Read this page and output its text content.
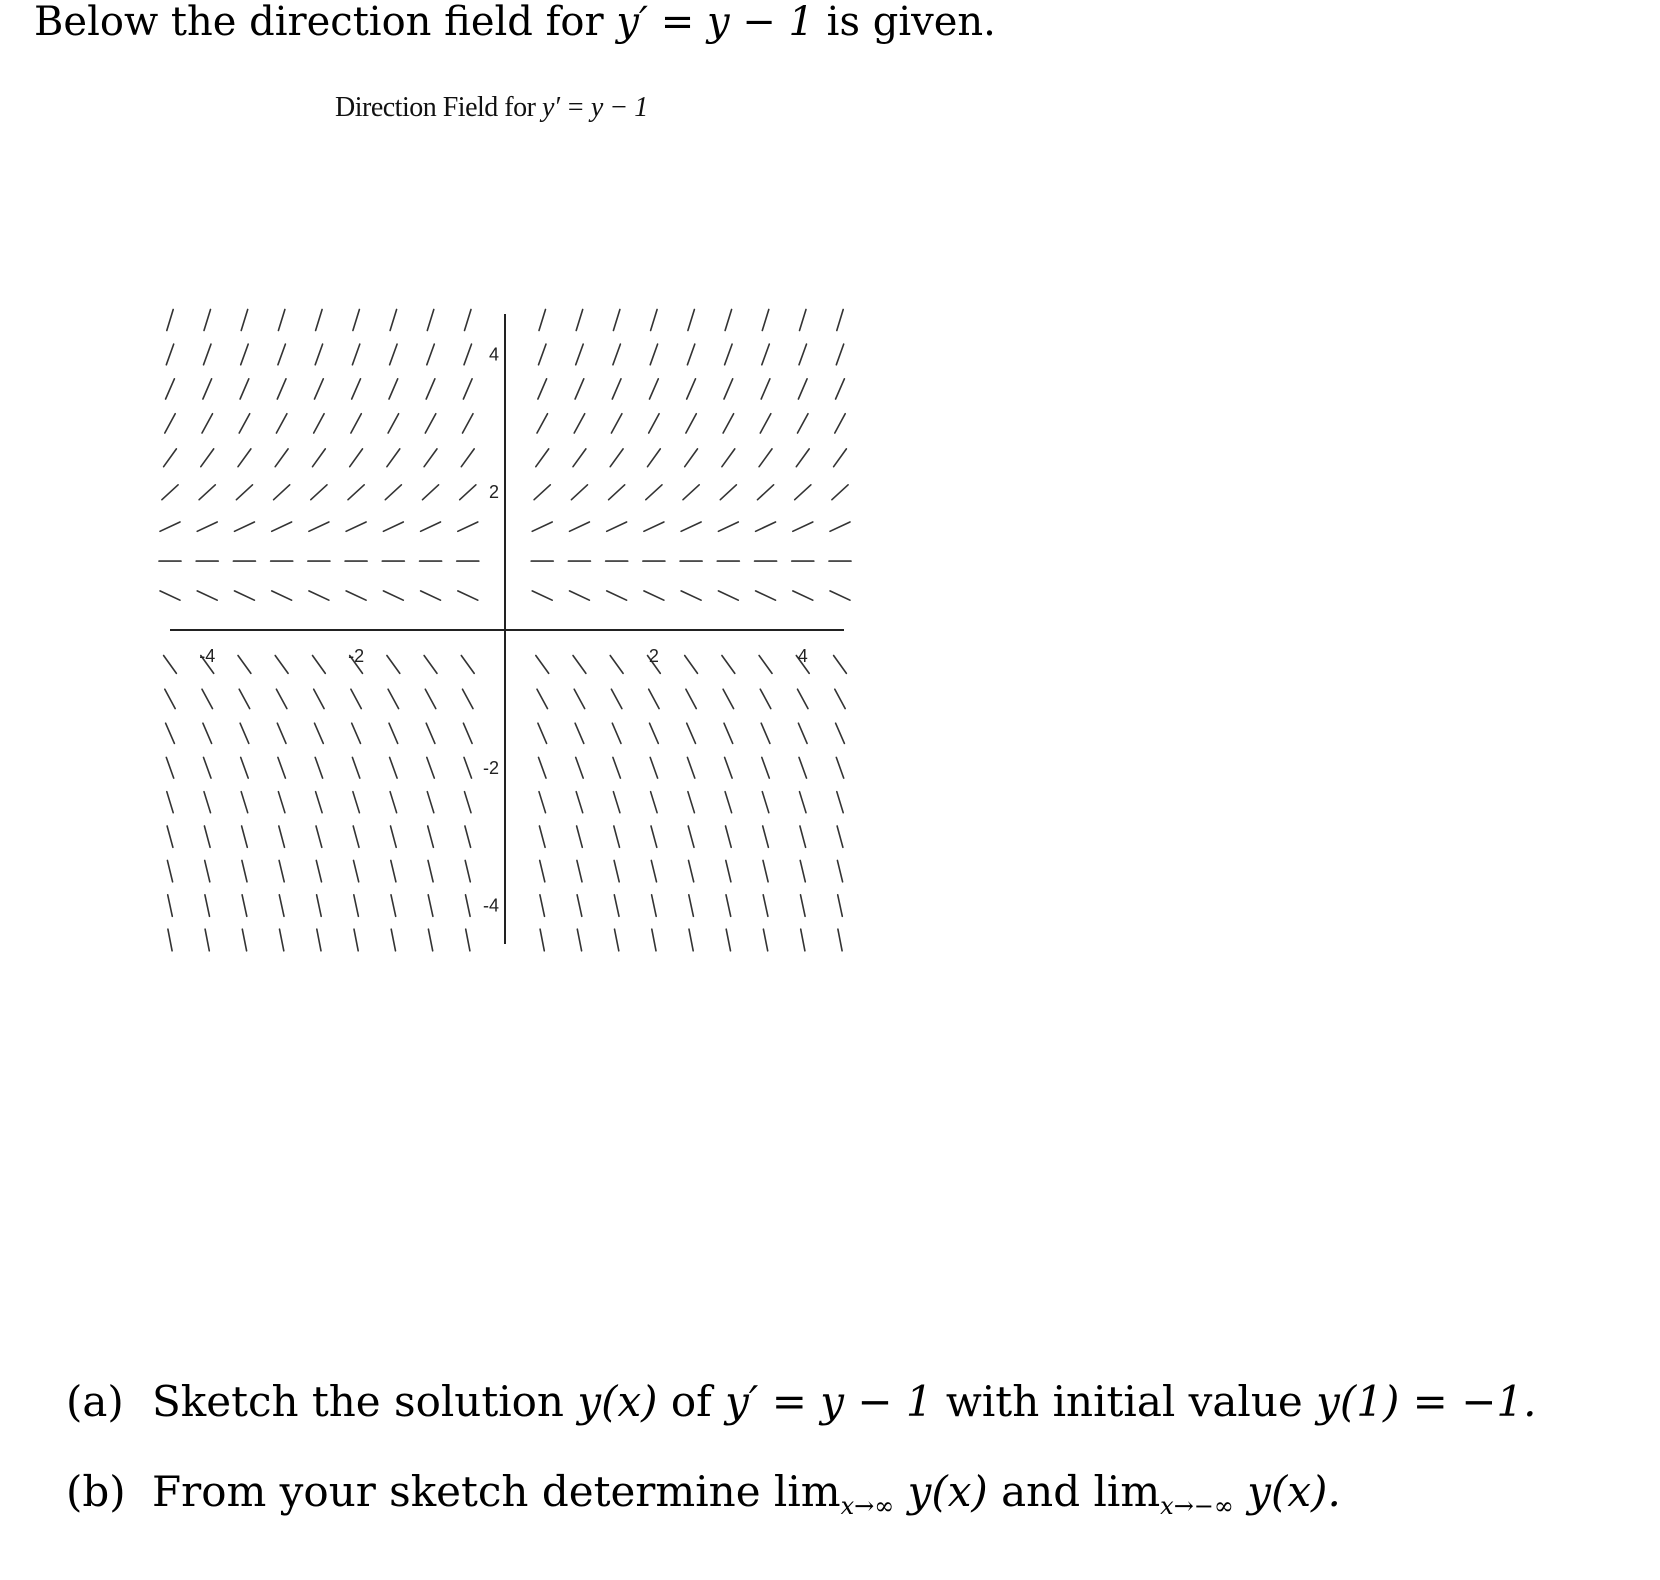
Below the direction field for y′ = y − 1 is given.
Direction Field for y′ = y − 1
-4	-2	2	4
4
2
-2
-4
(a) Sketch the solution y(x) of y′ = y − 1 with initial value y(1) = −1.
(b) From your sketch determine $\lim_{x\to\infty} y(x)$ and $\lim_{x\to-\infty} y(x)$.
